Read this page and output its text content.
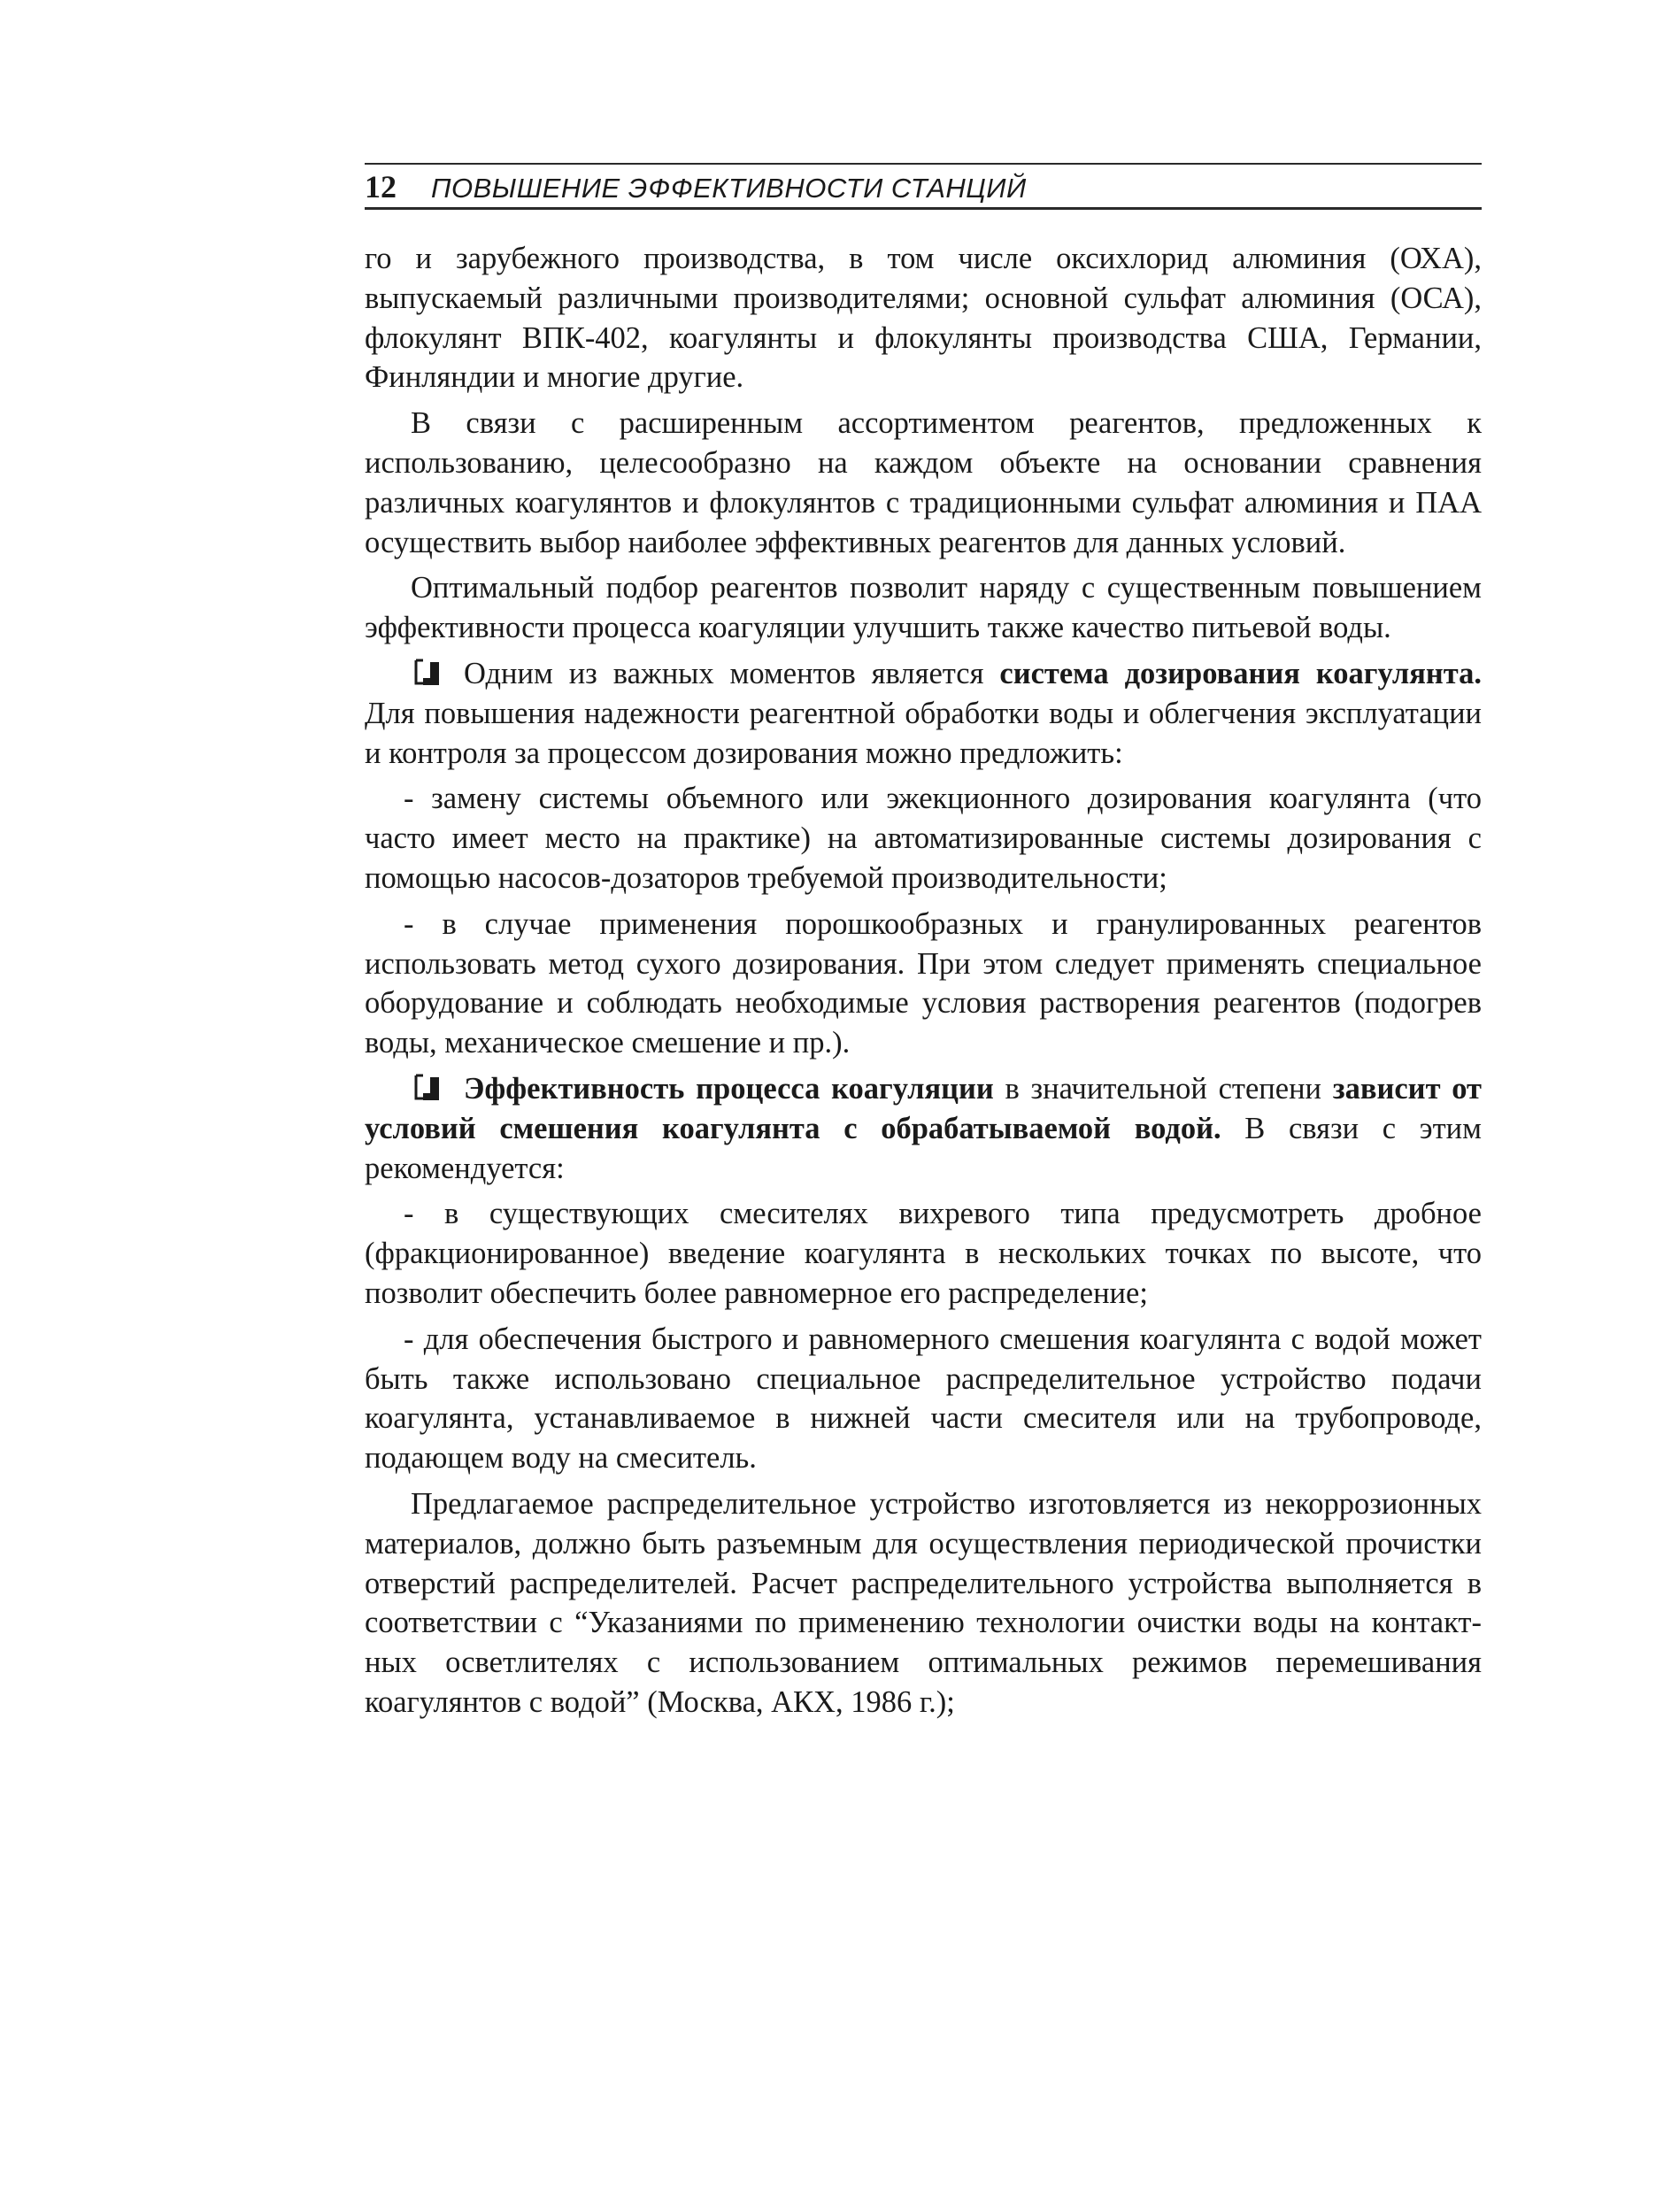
12 ПОВЫШЕНИЕ ЭФФЕКТИВНОСТИ СТАНЦИЙ

го и зарубежного производства, в том числе оксихлорид алюминия (ОХА), выпускаемый различными производителями; основной сульфат алюминия (ОСА), флокулянт ВПК-402, коагулянты и флокулянты производства США, Германии, Финляндии и многие другие.

В связи с расширенным ассортиментом реагентов, предложенных к использованию, целесообразно на каждом объекте на основании сравнения различных коагулянтов и флокулянтов с традиционными сульфат алюминия и ПАА осуществить выбор наиболее эффективных реагентов для данных условий.

Оптимальный подбор реагентов позволит наряду с существенным повышением эффективности процесса коагуляции улучшить также качество питьевой воды.

Одним из важных моментов является система дозирования коагулянта. Для повышения надежности реагентной обработки воды и облегчения эксплуатации и контроля за процессом дозирования можно предложить:

- замену системы объемного или эжекционного дозирования коагулянта (что часто имеет место на практике) на автоматизированные системы дозирования с помощью насосов-дозаторов требуемой производительности;

- в случае применения порошкообразных и гранулированных реагентов использовать метод сухого дозирования. При этом следует применять специальное оборудование и соблюдать необходимые условия растворения реагентов (подогрев воды, механическое смешение и пр.).

Эффективность процесса коагуляции в значительной степени зависит от условий смешения коагулянта с обрабатываемой водой. В связи с этим рекомендуется:

- в существующих смесителях вихревого типа предусмотреть дробное (фракционированное) введение коагулянта в нескольких точках по высоте, что позволит обеспечить более равномерное его распределение;

- для обеспечения быстрого и равномерного смешения коагулянта с водой может быть также использовано специальное распределительное устройство подачи коагулянта, устанавливаемое в нижней части смесителя или на трубопроводе, подающем воду на смеситель.

Предлагаемое распределительное устройство изготовляется из некоррозионных материалов, должно быть разъемным для осуществления периодической прочистки отверстий распределителей. Расчет распределительного устройства выполняется в соответствии с “Указаниями по применению технологии очистки воды на контактных осветлителях с использованием оптимальных режимов перемешивания коагулянтов с водой” (Москва, АКХ, 1986 г.);
